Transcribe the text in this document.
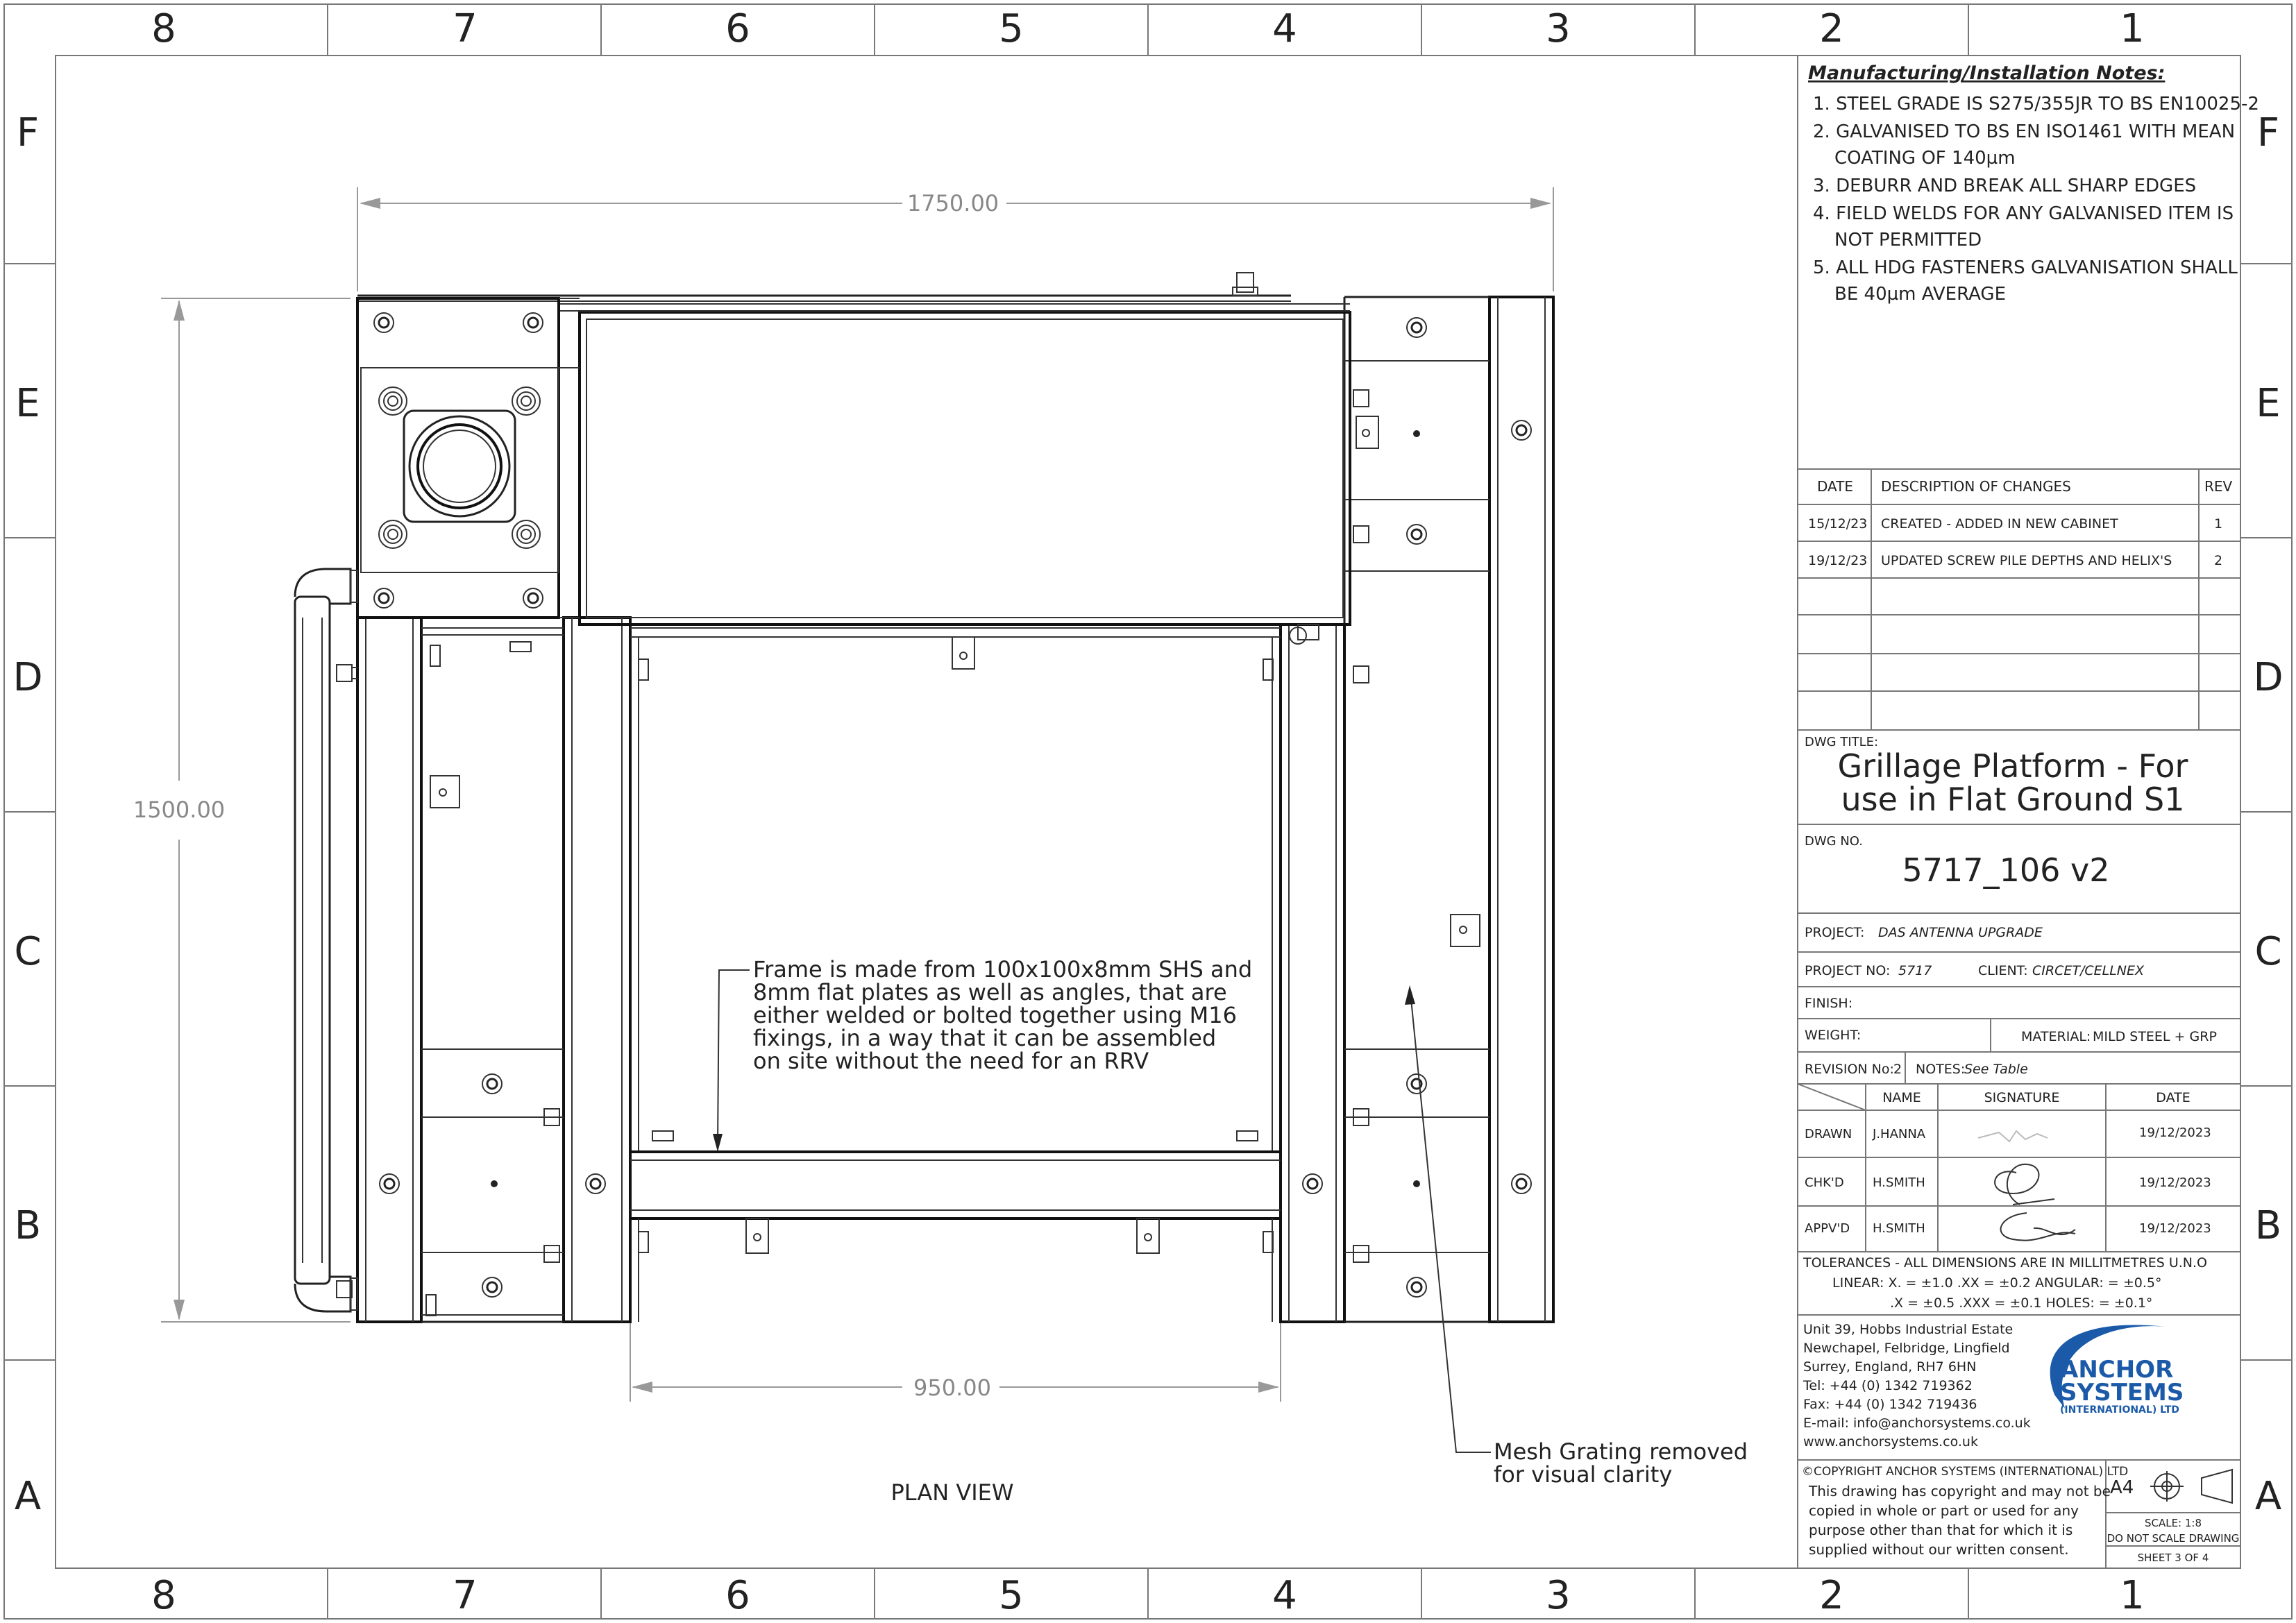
8	7	6	5	4	3	2	1
8	7	6	5	4	3	2	1
F
E
D
C
B
A
F
E
D
C
B
A
Manufacturing/Installation Notes:
1. STEEL GRADE IS S275/355JR TO BS EN10025-2
2. GALVANISED TO BS EN ISO1461 WITH MEAN
COATING OF 140µm
3. DEBURR AND BREAK ALL SHARP EDGES
4. FIELD WELDS FOR ANY GALVANISED ITEM IS
NOT PERMITTED
5. ALL HDG FASTENERS GALVANISATION SHALL
BE 40µm AVERAGE
DATE DESCRIPTION OF CHANGES	REV
15/12/23 CREATED - ADDED IN NEW CABINET	1
19/12/23 UPDATED SCREW PILE DEPTHS AND HELIX'S	2
DWG TITLE:
Grillage Platform - For
use in Flat Ground S1
DWG NO.
5717_106 v2
PROJECT: DAS ANTENNA UPGRADE
PROJECT NO: 5717	CLIENT: CIRCET/CELLNEX
FINISH:
WEIGHT:	MATERIAL: MILD STEEL + GRP
REVISION No: 2 NOTES:
See Table
NAME	SIGNATURE	DATE
DRAWN J.HANNA	19/12/2023
CHK'D H.SMITH	19/12/2023
APPV'D H.SMITH	19/12/2023
TOLERANCES - ALL DIMENSIONS ARE IN MILLITMETRES U.N.O
LINEAR: X. = ±1.0 .XX = ±0.2 ANGULAR: = ±0.5°
.X = ±0.5 .XXX = ±0.1 HOLES: = ±0.1°
Unit 39, Hobbs Industrial Estate
Newchapel, Felbridge, Lingfield
Surrey, England, RH7 6HN
Tel: +44 (0) 1342 719362
Fax: +44 (0) 1342 719436
E-mail: info@anchorsystems.co.uk
www.anchorsystems.co.uk
ANCHOR
SYSTEMS
(INTERNATIONAL) LTD
©COPYRIGHT ANCHOR SYSTEMS (INTERNATIONAL) LTD
This drawing has copyright and may not be
copied in whole or part or used for any
purpose other than that for which it is
supplied without our written consent.
A4
SCALE: 1:8
DO NOT SCALE DRAWING
SHEET 3 OF 4
1750.00
1500.00
950.00
Frame is made from 100x100x8mm SHS and
8mm flat plates as well as angles, that are
either welded or bolted together using M16
fixings, in a way that it can be assembled
on site without the need for an RRV
Mesh Grating removed
for visual clarity
PLAN VIEW
